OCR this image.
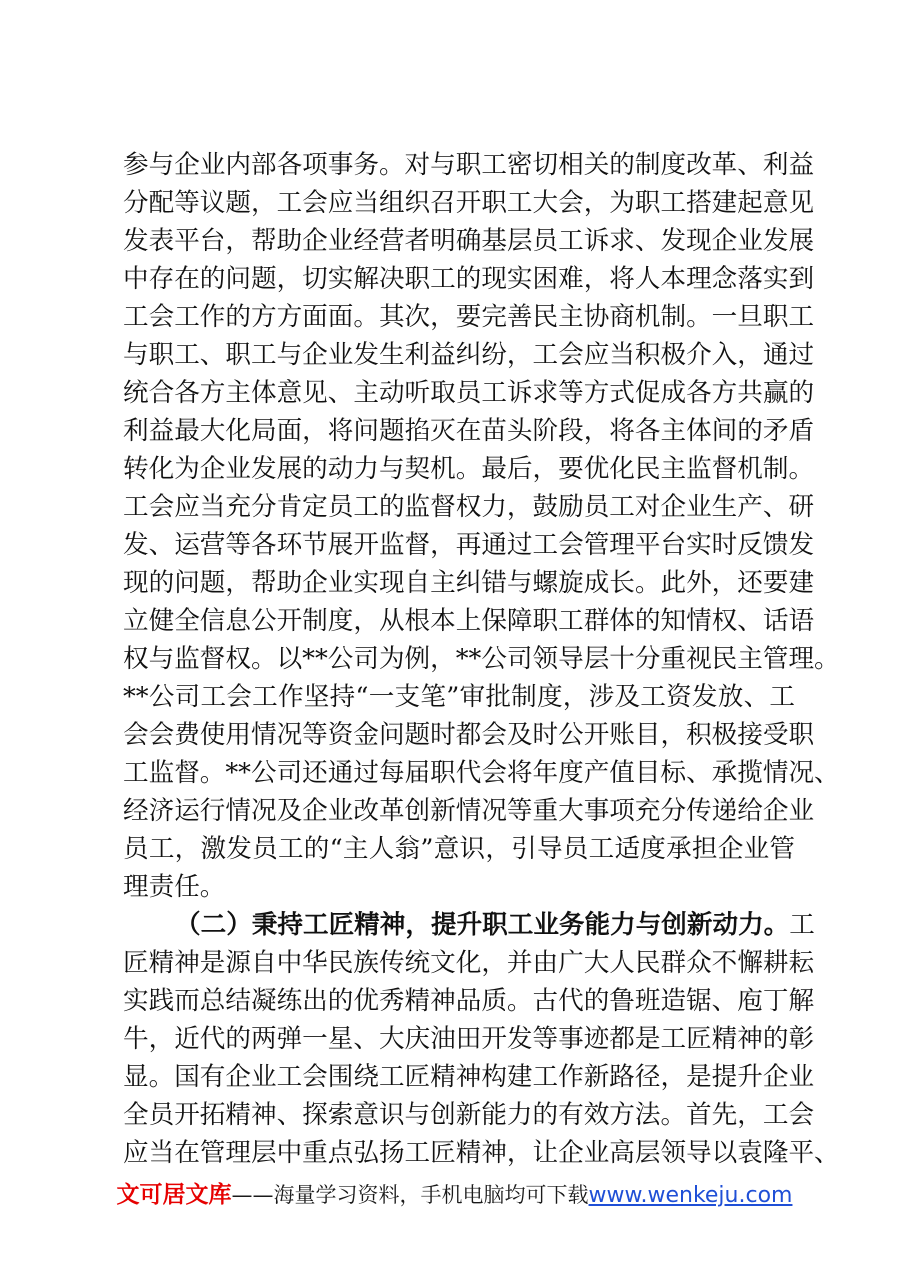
参与企业内部各项事务。对与职工密切相关的制度改革、利益
分配等议题，工会应当组织召开职工大会，为职工搭建起意见
发表平台，帮助企业经营者明确基层员工诉求、发现企业发展
中存在的问题，切实解决职工的现实困难，将人本理念落实到
工会工作的方方面面。其次，要完善民主协商机制。一旦职工
与职工、职工与企业发生利益纠纷，工会应当积极介入，通过
统合各方主体意见、主动听取员工诉求等方式促成各方共赢的
利益最大化局面，将问题掐灭在苗头阶段，将各主体间的矛盾
转化为企业发展的动力与契机。最后，要优化民主监督机制。
工会应当充分肯定员工的监督权力，鼓励员工对企业生产、研
发、运营等各环节展开监督，再通过工会管理平台实时反馈发
现的问题，帮助企业实现自主纠错与螺旋成长。此外，还要建
立健全信息公开制度，从根本上保障职工群体的知情权、话语
权与监督权。以**公司为例，**公司领导层十分重视民主管理。
**公司工会工作坚持“一支笔”审批制度，涉及工资发放、工
会会费使用情况等资金问题时都会及时公开账目，积极接受职
工监督。**公司还通过每届职代会将年度产值目标、承揽情况、
经济运行情况及企业改革创新情况等重大事项充分传递给企业
员工，激发员工的“主人翁”意识，引导员工适度承担企业管
理责任。
（二）秉持工匠精神，提升职工业务能力与创新动力。工
匠精神是源自中华民族传统文化，并由广大人民群众不懈耕耘
实践而总结凝练出的优秀精神品质。古代的鲁班造锯、庖丁解
牛，近代的两弹一星、大庆油田开发等事迹都是工匠精神的彰
显。国有企业工会围绕工匠精神构建工作新路径，是提升企业
全员开拓精神、探索意识与创新能力的有效方法。首先，工会
应当在管理层中重点弘扬工匠精神，让企业高层领导以袁隆平、
文可居文库——海量学习资料，手机电脑均可下载www.wenkeju.com
